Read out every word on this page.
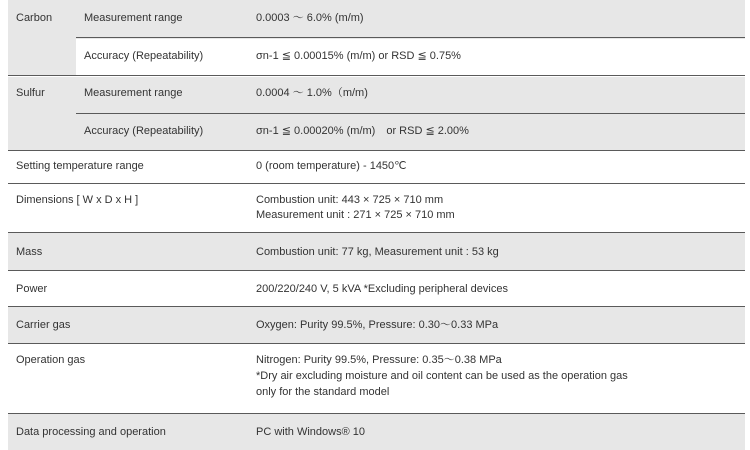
Carbon	Measurement range	0.0003 ～ 6.0% (m/m)
Accuracy (Repeatability)	σn-1 ≦ 0.00015% (m/m) or RSD ≦ 0.75%
Sulfur	Measurement range	0.0004 ～ 1.0%（m/m)
Accuracy (Repeatability)	σn-1 ≦ 0.00020% (m/m)　or RSD ≦ 2.00%
Setting temperature range	0 (room temperature) - 1450℃
Dimensions [ W x D x H ]	Combustion unit: 443 × 725 × 710 mm
Measurement unit : 271 × 725 × 710 mm
Mass	Combustion unit: 77 kg, Measurement unit : 53 kg
Power	200/220/240 V, 5 kVA *Excluding peripheral devices
Carrier gas	Oxygen: Purity 99.5%, Pressure: 0.30～0.33 MPa
Operation gas	Nitrogen: Purity 99.5%, Pressure: 0.35～0.38 MPa
*Dry air excluding moisture and oil content can be used as the operation gas
only for the standard model
Data processing and operation	PC with Windows® 10
